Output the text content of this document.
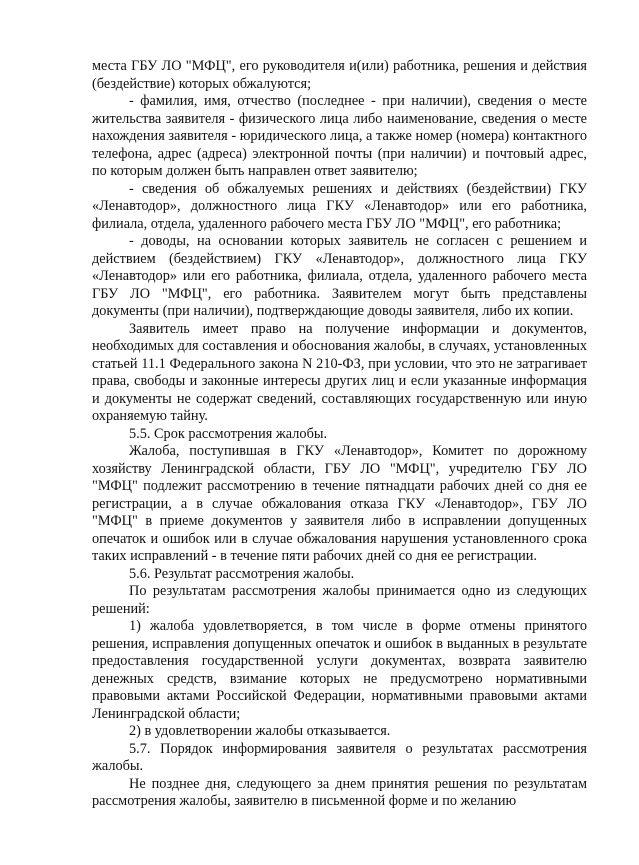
места ГБУ ЛО "МФЦ", его руководителя и(или) работника, решения и действия (бездействие) которых обжалуются;

- фамилия, имя, отчество (последнее - при наличии), сведения о месте жительства заявителя - физического лица либо наименование, сведения о месте нахождения заявителя - юридического лица, а также номер (номера) контактного телефона, адрес (адреса) электронной почты (при наличии) и почтовый адрес, по которым должен быть направлен ответ заявителю;

- сведения об обжалуемых решениях и действиях (бездействии) ГКУ «Ленавтодор», должностного лица ГКУ «Ленавтодор» или его работника, филиала, отдела, удаленного рабочего места ГБУ ЛО "МФЦ", его работника;

- доводы, на основании которых заявитель не согласен с решением и действием (бездействием) ГКУ «Ленавтодор», должностного лица ГКУ «Ленавтодор» или его работника, филиала, отдела, удаленного рабочего места ГБУ ЛО "МФЦ", его работника. Заявителем могут быть представлены документы (при наличии), подтверждающие доводы заявителя, либо их копии.

Заявитель имеет право на получение информации и документов, необходимых для составления и обоснования жалобы, в случаях, установленных статьей 11.1 Федерального закона N 210-ФЗ, при условии, что это не затрагивает права, свободы и законные интересы других лиц и если указанные информация и документы не содержат сведений, составляющих государственную или иную охраняемую тайну.

5.5. Срок рассмотрения жалобы.

Жалоба, поступившая в ГКУ «Ленавтодор», Комитет по дорожному хозяйству Ленинградской области, ГБУ ЛО "МФЦ", учредителю ГБУ ЛО "МФЦ" подлежит рассмотрению в течение пятнадцати рабочих дней со дня ее регистрации, а в случае обжалования отказа ГКУ «Ленавтодор», ГБУ ЛО "МФЦ" в приеме документов у заявителя либо в исправлении допущенных опечаток и ошибок или в случае обжалования нарушения установленного срока таких исправлений - в течение пяти рабочих дней со дня ее регистрации.

5.6. Результат рассмотрения жалобы.

По результатам рассмотрения жалобы принимается одно из следующих решений:

1) жалоба удовлетворяется, в том числе в форме отмены принятого решения, исправления допущенных опечаток и ошибок в выданных в результате предоставления государственной услуги документах, возврата заявителю денежных средств, взимание которых не предусмотрено нормативными правовыми актами Российской Федерации, нормативными правовыми актами Ленинградской области;

2) в удовлетворении жалобы отказывается.

5.7. Порядок информирования заявителя о результатах рассмотрения жалобы.

Не позднее дня, следующего за днем принятия решения по результатам рассмотрения жалобы, заявителю в письменной форме и по желанию
